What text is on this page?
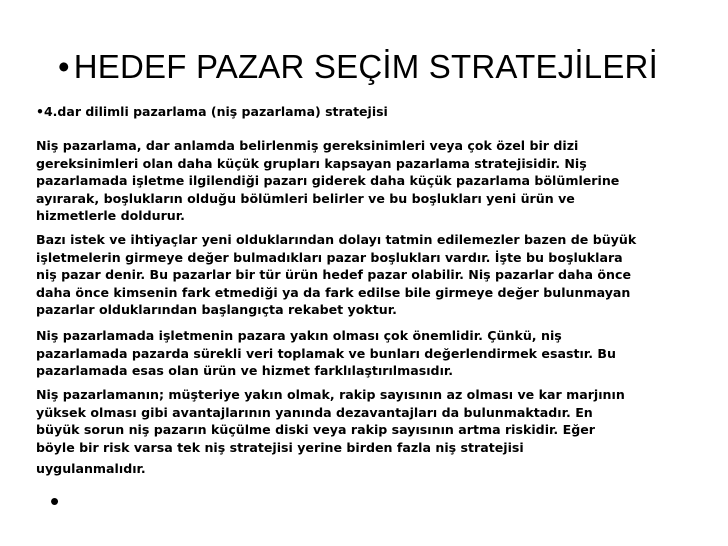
• HEDEF PAZAR SEÇİM STRATEJİLERİ
•4.dar dilimli pazarlama (niş pazarlama) stratejisi
Niş pazarlama, dar anlamda belirlenmiş gereksinimleri veya çok özel bir dizi
gereksinimleri olan daha küçük grupları kapsayan pazarlama stratejisidir. Niş
pazarlamada işletme ilgilendiği pazarı giderek daha küçük pazarlama bölümlerine
ayırarak, boşlukların olduğu bölümleri belirler ve bu boşlukları yeni ürün ve
hizmetlerle doldurur.
Bazı istek ve ihtiyaçlar yeni olduklarından dolayı tatmin edilemezler bazen de büyük
işletmelerin girmeye değer bulmadıkları pazar boşlukları vardır. İşte bu boşluklara
niş pazar denir. Bu pazarlar bir tür ürün hedef pazar olabilir. Niş pazarlar daha önce
daha önce kimsenin fark etmediği ya da fark edilse bile girmeye değer bulunmayan
pazarlar olduklarından başlangıçta rekabet yoktur.
Niş pazarlamada işletmenin pazara yakın olması çok önemlidir. Çünkü, niş
pazarlamada pazarda sürekli veri toplamak ve bunları değerlendirmek esastır. Bu
pazarlamada esas olan ürün ve hizmet farklılaştırılmasıdır.
Niş pazarlamanın; müşteriye yakın olmak, rakip sayısının az olması ve kar marjının
yüksek olması gibi avantajlarının yanında dezavantajları da bulunmaktadır. En
büyük sorun niş pazarın küçülme diski veya rakip sayısının artma riskidir. Eğer
böyle bir risk varsa tek niş stratejisi yerine birden fazla niş stratejisi
uygulanmalıdır.
•
